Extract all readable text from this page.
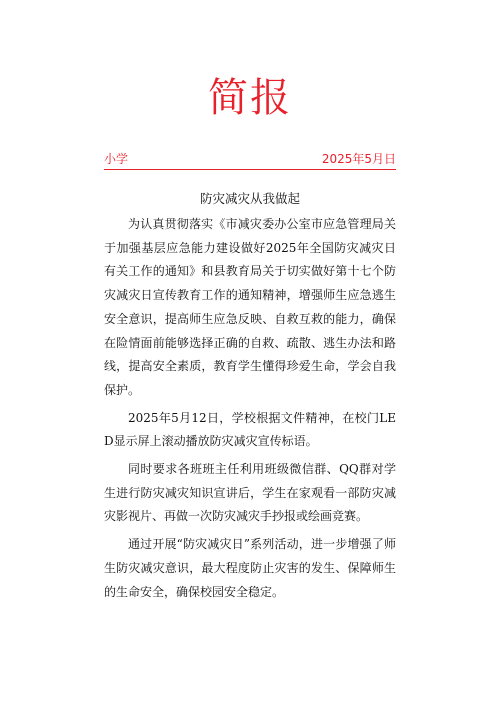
简报
小学	2025年5月日
防灾减灾从我做起

为认真贯彻落实《市减灾委办公室市应急管理局关于加强基层应急能力建设做好2025年全国防灾减灾日有关工作的通知》和县教育局关于切实做好第十七个防灾减灾日宣传教育工作的通知精神，增强师生应急逃生安全意识，提高师生应急反映、自救互救的能力，确保在险情面前能够选择正确的自救、疏散、逃生办法和路线，提高安全素质，教育学生懂得珍爱生命，学会自我保护。

2025年5月12日，学校根据文件精神，在校门LED显示屏上滚动播放防灾减灾宣传标语。

同时要求各班班主任利用班级微信群、QQ群对学生进行防灾减灾知识宣讲后，学生在家观看一部防灾减灾影视片、再做一次防灾减灾手抄报或绘画竞赛。

通过开展“防灾减灾日”系列活动，进一步增强了师生防灾减灾意识，最大程度防止灾害的发生、保障师生的生命安全，确保校园安全稳定。
